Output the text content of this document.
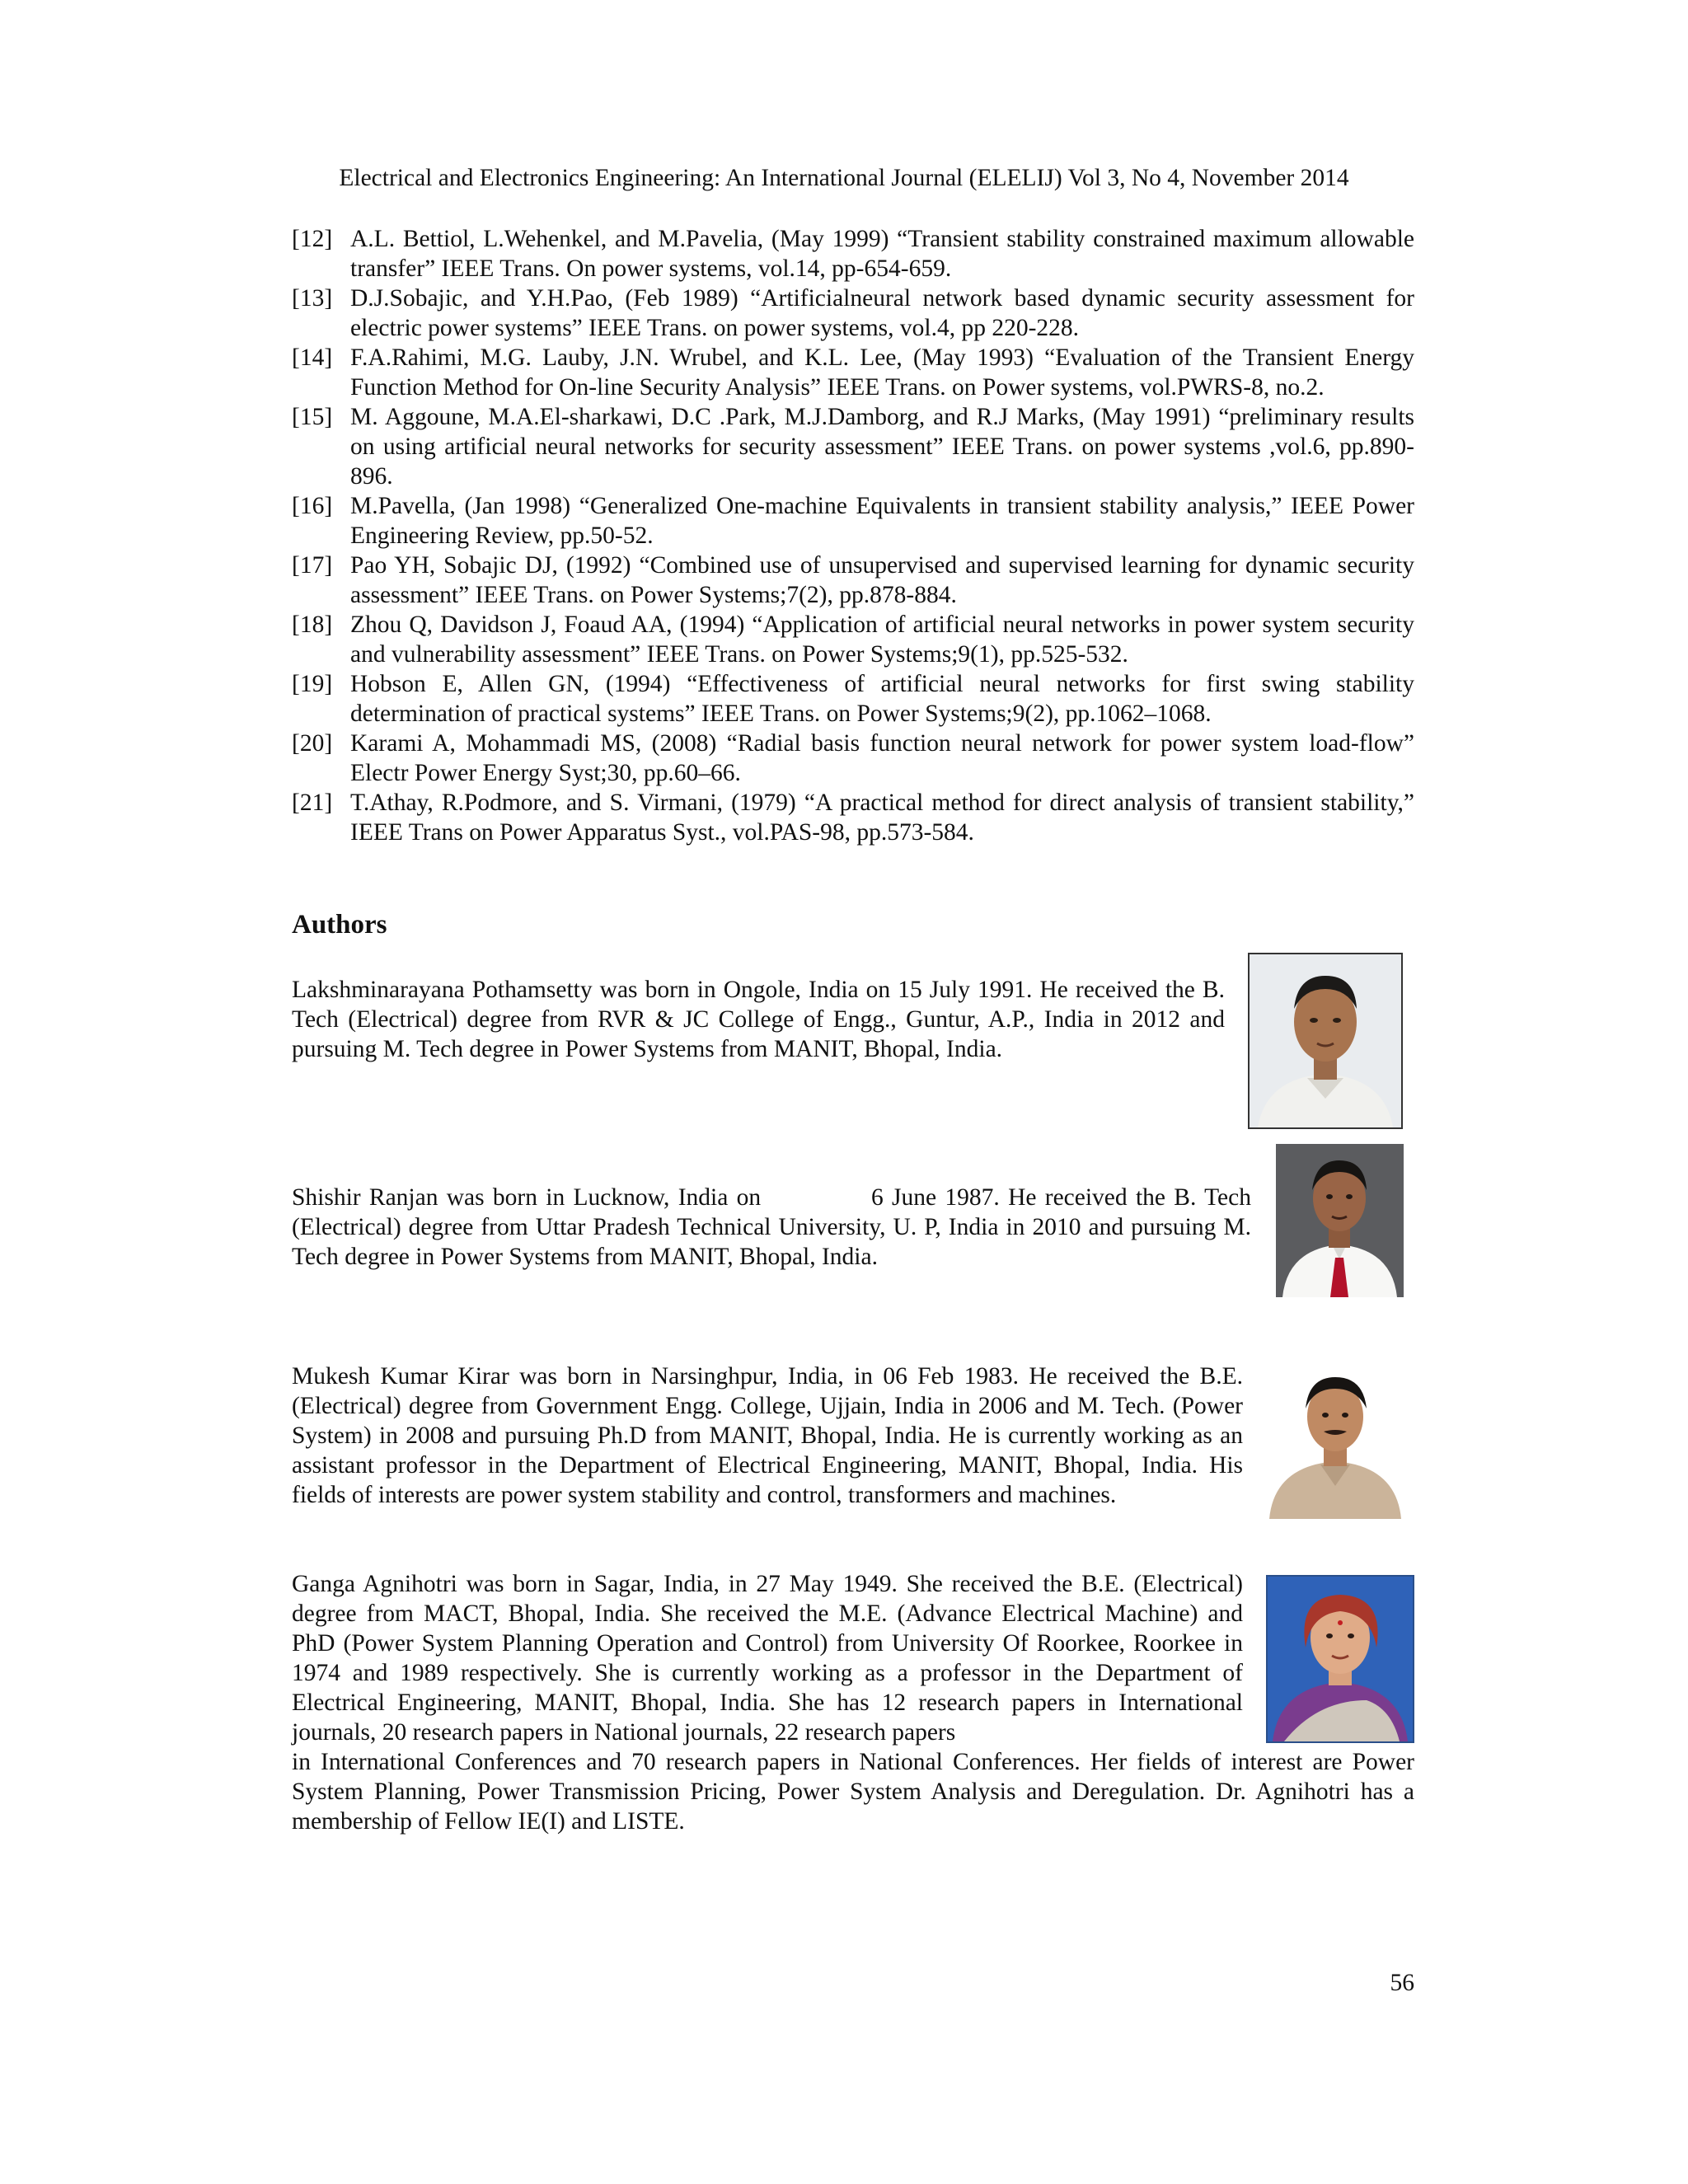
Electrical and Electronics Engineering: An International Journal (ELELIJ) Vol 3, No 4, November 2014
[12] A.L. Bettiol, L.Wehenkel, and M.Pavelia, (May 1999) “Transient stability constrained maximum allowable transfer” IEEE Trans. On power systems, vol.14, pp-654-659.
[13] D.J.Sobajic, and Y.H.Pao, (Feb 1989) “Artificialneural network based dynamic security assessment for electric power systems” IEEE Trans. on power systems, vol.4, pp 220-228.
[14] F.A.Rahimi, M.G. Lauby, J.N. Wrubel, and K.L. Lee, (May 1993) “Evaluation of the Transient Energy Function Method for On-line Security Analysis” IEEE Trans. on Power systems, vol.PWRS-8, no.2.
[15] M. Aggoune, M.A.El-sharkawi, D.C .Park, M.J.Damborg, and R.J Marks, (May 1991) “preliminary results on using artificial neural networks for security assessment” IEEE Trans. on power systems ,vol.6, pp.890-896.
[16] M.Pavella, (Jan 1998) “Generalized One-machine Equivalents in transient stability analysis,” IEEE Power Engineering Review, pp.50-52.
[17] Pao YH, Sobajic DJ, (1992) “Combined use of unsupervised and supervised learning for dynamic security assessment” IEEE Trans. on Power Systems;7(2), pp.878-884.
[18] Zhou Q, Davidson J, Foaud AA, (1994) “Application of artificial neural networks in power system security and vulnerability assessment” IEEE Trans. on Power Systems;9(1), pp.525-532.
[19] Hobson E, Allen GN, (1994) “Effectiveness of artificial neural networks for first swing stability determination of practical systems” IEEE Trans. on Power Systems;9(2), pp.1062–1068.
[20] Karami A, Mohammadi MS, (2008) “Radial basis function neural network for power system load-flow” Electr Power Energy Syst;30, pp.60–66.
[21] T.Athay, R.Podmore, and S. Virmani, (1979) “A practical method for direct analysis of transient stability,” IEEE Trans on Power Apparatus Syst., vol.PAS-98, pp.573-584.
Authors

Lakshminarayana Pothamsetty was born in Ongole, India on 15 July 1991. He received the B. Tech (Electrical) degree from RVR & JC College of Engg., Guntur, A.P., India in 2012 and pursuing M. Tech degree in Power Systems from MANIT, Bhopal, India.

Shishir Ranjan was born in Lucknow, India on             6 June 1987. He received the B. Tech (Electrical) degree from Uttar Pradesh Technical University, U. P, India in 2010 and pursuing M. Tech degree in Power Systems from MANIT, Bhopal, India.

Mukesh Kumar Kirar was born in Narsinghpur, India, in 06 Feb 1983. He received the B.E. (Electrical) degree from Government Engg. College, Ujjain, India in 2006 and M. Tech. (Power System) in 2008 and pursuing Ph.D from MANIT, Bhopal, India. He is currently working as an assistant professor in the Department of Electrical Engineering, MANIT, Bhopal, India. His fields of interests are power system stability and control, transformers and machines.

Ganga Agnihotri was born in Sagar, India, in 27 May 1949. She received the B.E. (Electrical) degree from MACT, Bhopal, India. She received the M.E. (Advance Electrical Machine) and PhD (Power System Planning Operation and Control) from University Of Roorkee, Roorkee in 1974 and 1989 respectively. She is currently working as a professor in the Department of Electrical Engineering, MANIT, Bhopal, India. She has 12 research papers in International journals, 20 research papers in National journals, 22 research papers

in International Conferences and 70 research papers in National Conferences. Her fields of interest are Power System Planning, Power Transmission Pricing, Power System Analysis and Deregulation. Dr. Agnihotri has a membership of Fellow IE(I) and LISTE.

56
